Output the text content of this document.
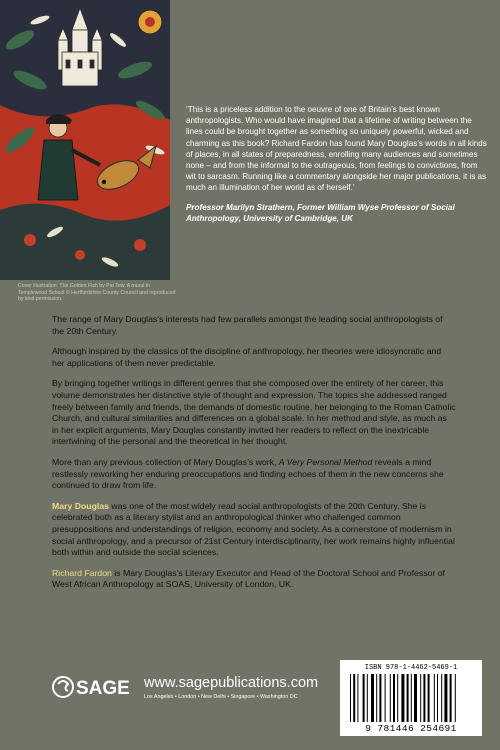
Cover illustration: The Golden Fish by Pat Tew. A mural in Templewood School © Hertfordshire County Council and reproduced by kind permission.

‘This is a priceless addition to the oeuvre of one of Britain’s best known anthropologists. Who would have imagined that a lifetime of writing between the lines could be brought together as something so uniquely powerful, wicked and charming as this book? Richard Fardon has found Mary Douglas’s words in all kinds of places, in all states of preparedness, enrolling many audiences and sometimes none – and from the informal to the outrageous, from feelings to convictions, from wit to sarcasm. Running like a commentary alongside her major publications, it is as much an illumination of her world as of herself.’

Professor Marilyn Strathern, Former William Wyse Professor of Social Anthropology, University of Cambridge, UK

The range of Mary Douglas’s interests had few parallels amongst the leading social anthropologists of the 20th Century.

Although inspired by the classics of the discipline of anthropology, her theories were idiosyncratic and her applications of them never predictable.

By bringing together writings in different genres that she composed over the entirety of her career, this volume demonstrates her distinctive style of thought and expression. The topics she addressed ranged freely between family and friends, the demands of domestic routine, her belonging to the Roman Catholic Church, and cultural similarities and differences on a global scale. In her method and style, as much as in her explicit arguments, Mary Douglas constantly invited her readers to reflect on the inextricable intertwining of the personal and the theoretical in her thought.

More than any previous collection of Mary Douglas’s work, A Very Personal Method reveals a mind restlessly reworking her enduring preoccupations and finding echoes of them in the new concerns she continued to draw from life.

Mary Douglas was one of the most widely read social anthropologists of the 20th Century. She is celebrated both as a literary stylist and an anthropological thinker who challenged common presuppositions and understandings of religion, economy and society. As a cornerstone of modernism in social anthropology, and a precursor of 21st Century interdisciplinarity, her work remains highly influential both within and outside the social sciences.

Richard Fardon is Mary Douglas’s Literary Executor and Head of the Doctoral School and Professor of West African Anthropology at SOAS, University of London, UK.

SAGE www.sagepublications.com
Los Angeles • London • New Delhi • Singapore • Washington DC
ISBN 978-1-4462-5469-1
9 781446 254691
